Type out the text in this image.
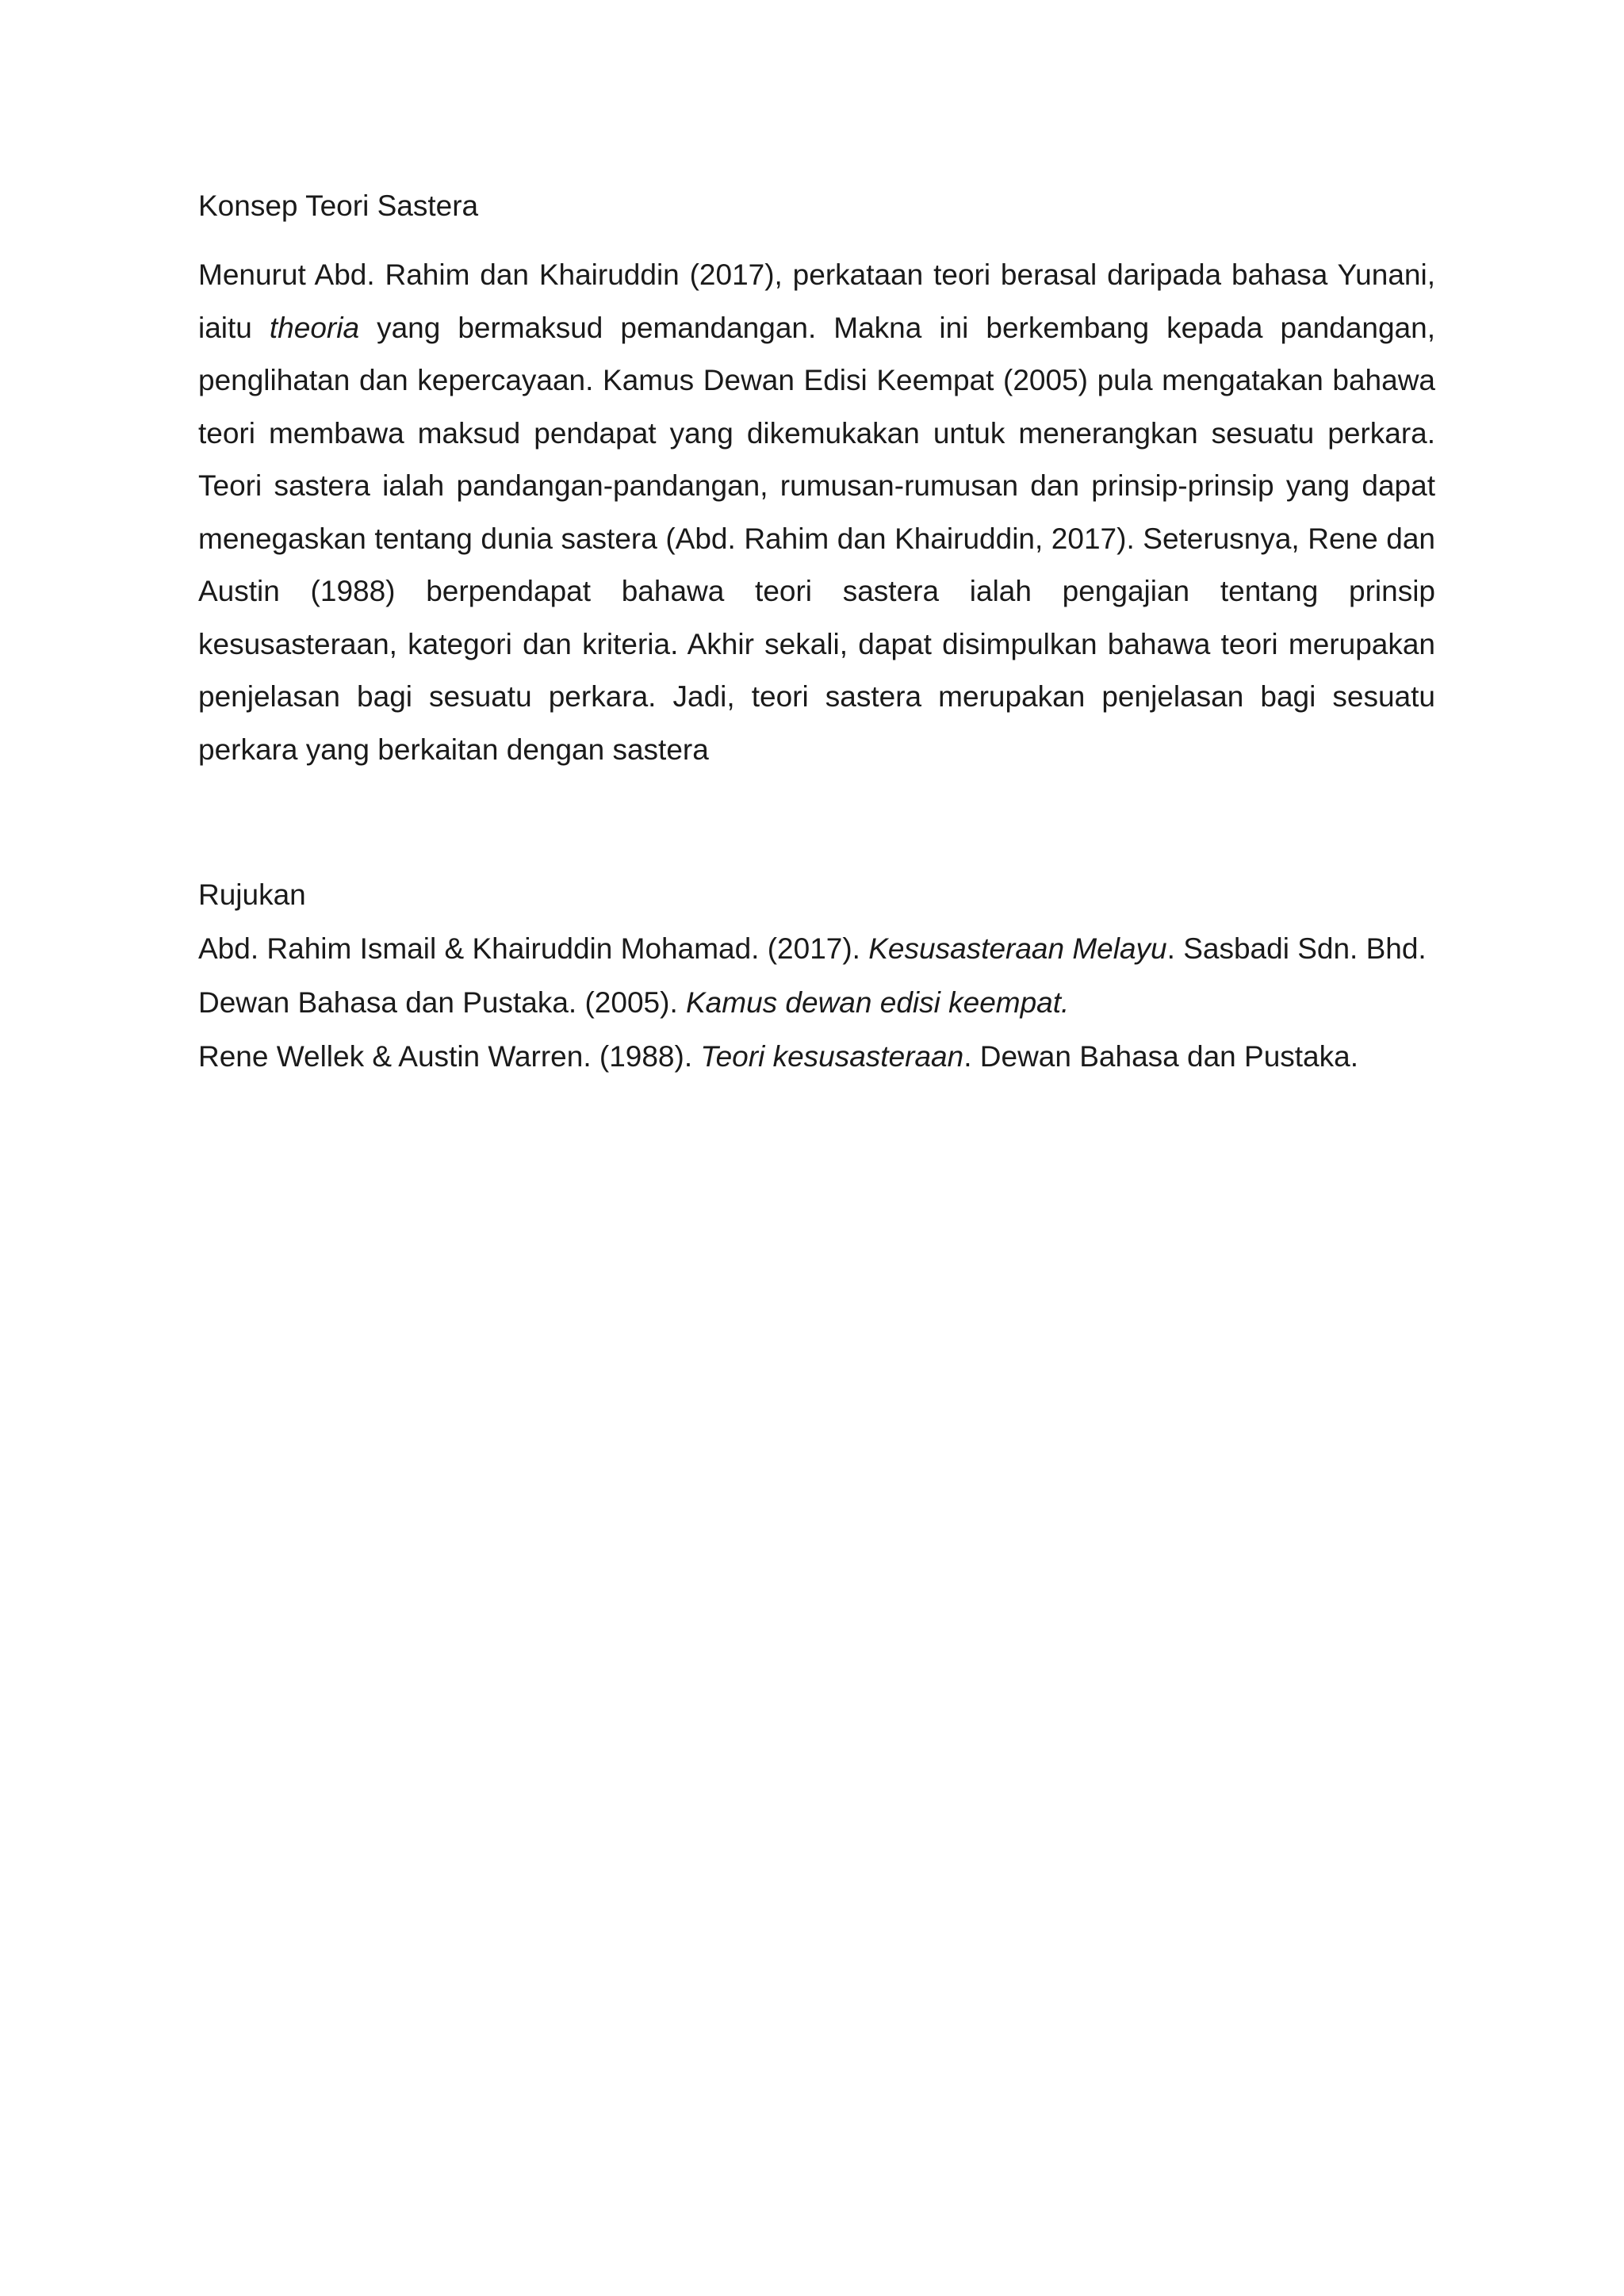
Konsep Teori Sastera

Menurut Abd. Rahim dan Khairuddin (2017), perkataan teori berasal daripada bahasa Yunani, iaitu theoria yang bermaksud pemandangan. Makna ini berkembang kepada pandangan, penglihatan dan kepercayaan. Kamus Dewan Edisi Keempat (2005) pula mengatakan bahawa teori membawa maksud pendapat yang dikemukakan untuk menerangkan sesuatu perkara. Teori sastera ialah pandangan-pandangan, rumusan-rumusan dan prinsip-prinsip yang dapat menegaskan tentang dunia sastera (Abd. Rahim dan Khairuddin, 2017). Seterusnya, Rene dan Austin (1988) berpendapat bahawa teori sastera ialah pengajian tentang prinsip kesusasteraan, kategori dan kriteria. Akhir sekali, dapat disimpulkan bahawa teori merupakan penjelasan bagi sesuatu perkara. Jadi, teori sastera merupakan penjelasan bagi sesuatu perkara yang berkaitan dengan sastera

Rujukan

Abd. Rahim Ismail & Khairuddin Mohamad. (2017). Kesusasteraan Melayu. Sasbadi Sdn. Bhd.

Dewan Bahasa dan Pustaka. (2005). Kamus dewan edisi keempat.

Rene Wellek & Austin Warren. (1988). Teori kesusasteraan. Dewan Bahasa dan Pustaka.
